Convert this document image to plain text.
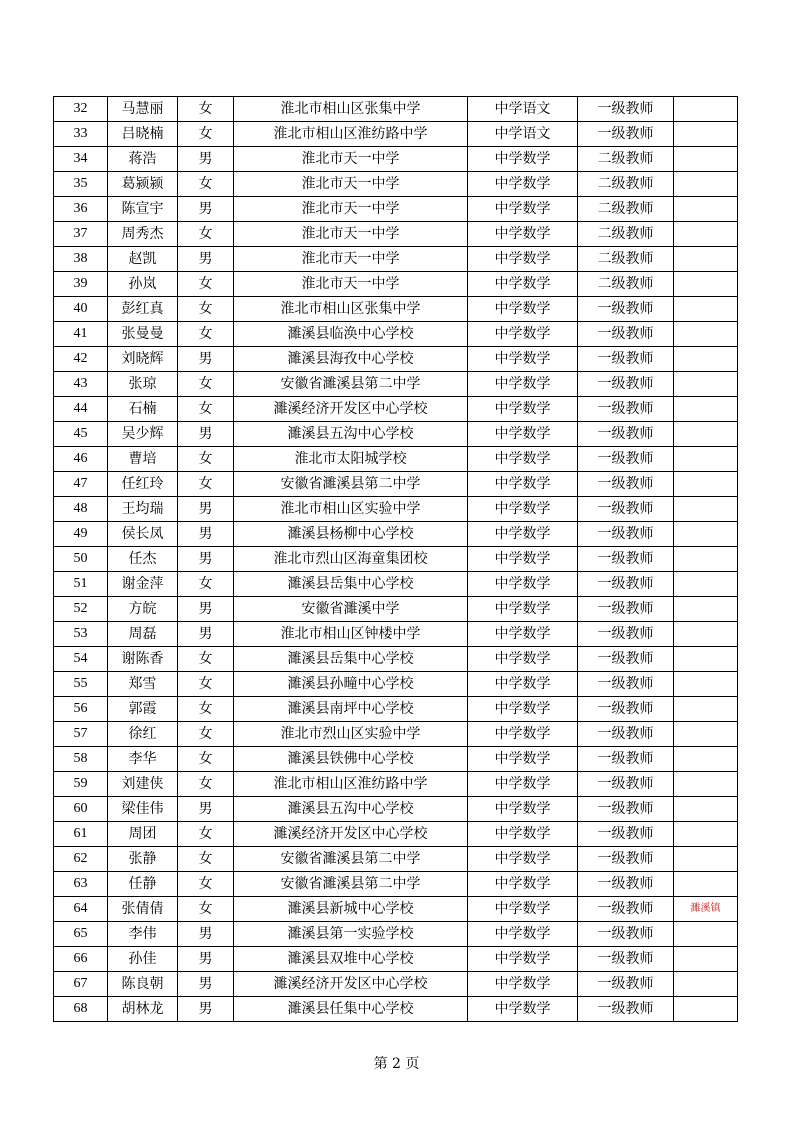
32	马慧丽	女	淮北市相山区张集中学	中学语文	一级教师	
33	吕晓楠	女	淮北市相山区淮纺路中学	中学语文	一级教师	
34	蒋浩	男	淮北市天一中学	中学数学	二级教师	
35	葛颍颍	女	淮北市天一中学	中学数学	二级教师	
36	陈宣宇	男	淮北市天一中学	中学数学	二级教师	
37	周秀杰	女	淮北市天一中学	中学数学	二级教师	
38	赵凯	男	淮北市天一中学	中学数学	二级教师	
39	孙岚	女	淮北市天一中学	中学数学	二级教师	
40	彭红真	女	淮北市相山区张集中学	中学数学	一级教师	
41	张曼曼	女	濉溪县临涣中心学校	中学数学	一级教师	
42	刘晓辉	男	濉溪县海孜中心学校	中学数学	一级教师	
43	张琼	女	安徽省濉溪县第二中学	中学数学	一级教师	
44	石楠	女	濉溪经济开发区中心学校	中学数学	一级教师	
45	吴少辉	男	濉溪县五沟中心学校	中学数学	一级教师	
46	曹培	女	淮北市太阳城学校	中学数学	一级教师	
47	任红玲	女	安徽省濉溪县第二中学	中学数学	一级教师	
48	王均瑞	男	淮北市相山区实验中学	中学数学	一级教师	
49	侯长凤	男	濉溪县杨柳中心学校	中学数学	一级教师	
50	任杰	男	淮北市烈山区海童集团校	中学数学	一级教师	
51	谢金萍	女	濉溪县岳集中心学校	中学数学	一级教师	
52	方皖	男	安徽省濉溪中学	中学数学	一级教师	
53	周磊	男	淮北市相山区钟楼中学	中学数学	一级教师	
54	谢陈香	女	濉溪县岳集中心学校	中学数学	一级教师	
55	郑雪	女	濉溪县孙疃中心学校	中学数学	一级教师	
56	郭霞	女	濉溪县南坪中心学校	中学数学	一级教师	
57	徐红	女	淮北市烈山区实验中学	中学数学	一级教师	
58	李华	女	濉溪县铁佛中心学校	中学数学	一级教师	
59	刘建侠	女	淮北市相山区淮纺路中学	中学数学	一级教师	
60	梁佳伟	男	濉溪县五沟中心学校	中学数学	一级教师	
61	周团	女	濉溪经济开发区中心学校	中学数学	一级教师	
62	张静	女	安徽省濉溪县第二中学	中学数学	一级教师	
63	任静	女	安徽省濉溪县第二中学	中学数学	一级教师	
64	张倩倩	女	濉溪县新城中心学校	中学数学	一级教师	濉溪镇
65	李伟	男	濉溪县第一实验学校	中学数学	一级教师	
66	孙佳	男	濉溪县双堆中心学校	中学数学	一级教师	
67	陈良朝	男	濉溪经济开发区中心学校	中学数学	一级教师	
68	胡林龙	男	濉溪县任集中心学校	中学数学	一级教师	
第 2 页
